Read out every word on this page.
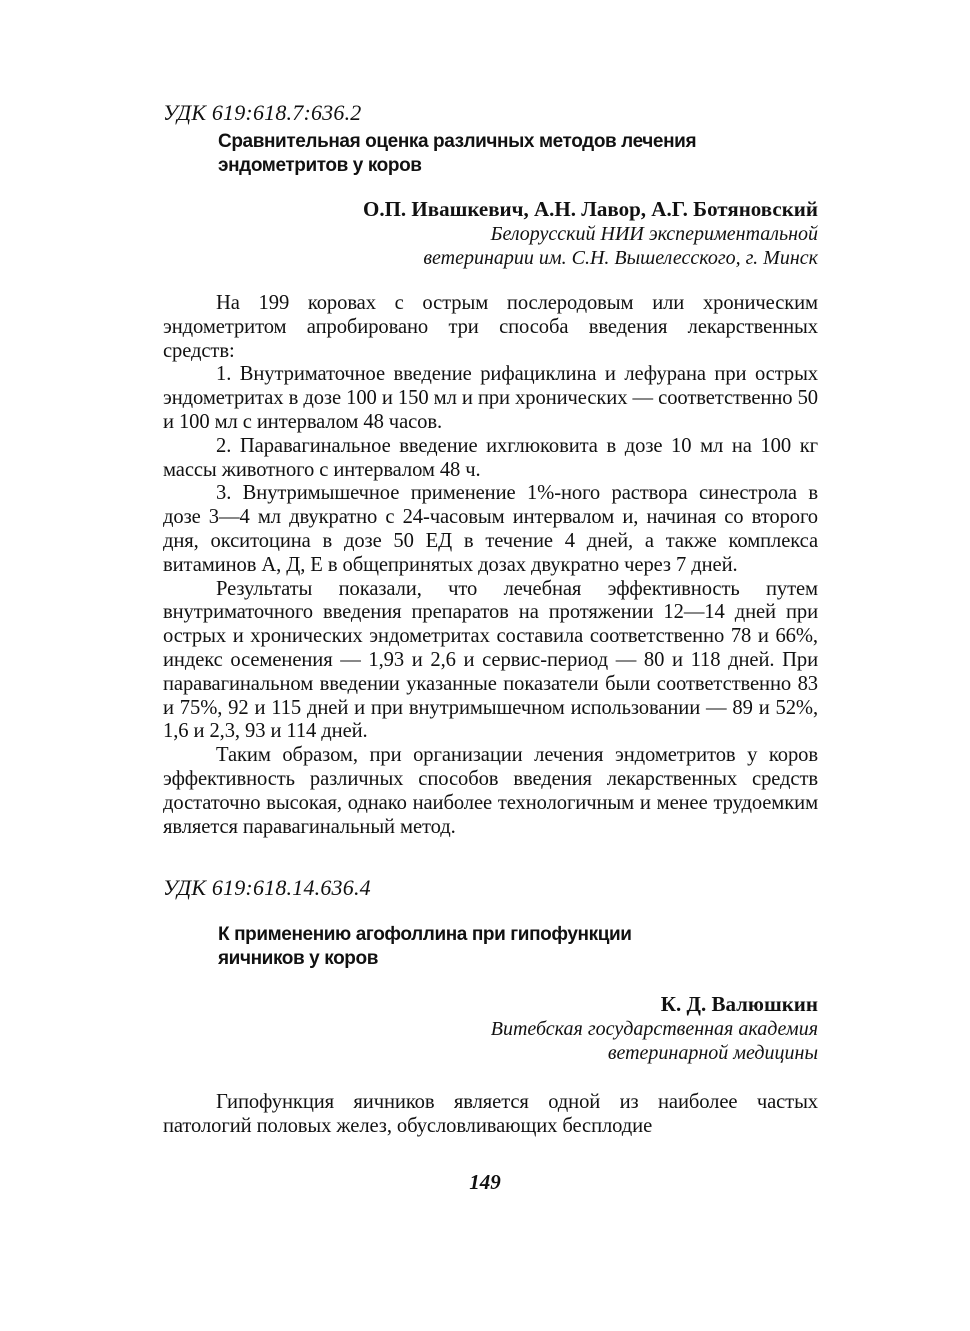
УДК 619:618.7:636.2

Сравнительная оценка различных методов лечения
эндометритов у коров

О.П. Ивашкевич, А.Н. Лавор, А.Г. Ботяновский

Белорусский НИИ экспериментальной

ветеринарии им. С.Н. Вышелесского, г. Минск

На 199 коровах с острым послеродовым или хроническим эндометритом апробировано три способа введения лекарственных средств:

1. Внутриматочное введение рифациклина и лефурана при острых эндометритах в дозе 100 и 150 мл и при хронических — соответственно 50 и 100 мл с интервалом 48 часов.

2. Паравагинальное введение ихглюковита в дозе 10 мл на 100 кг массы животного с интервалом 48 ч.

3. Внутримышечное применение 1%-ного раствора синестрола в дозе 3—4 мл двукратно с 24-часовым интервалом и, начиная со второго дня, окситоцина в дозе 50 ЕД в течение 4 дней, а также комплекса витаминов А, Д, Е в общепринятых дозах двукратно через 7 дней.

Результаты показали, что лечебная эффективность путем внутриматочного введения препаратов на протяжении 12—14 дней при острых и хронических эндометритах составила соответственно 78 и 66%, индекс осеменения — 1,93 и 2,6 и сервис-период — 80 и 118 дней. При паравагинальном введении указанные показатели были соответственно 83 и 75%, 92 и 115 дней и при внутримышечном использовании — 89 и 52%, 1,6 и 2,3, 93 и 114 дней.

Таким образом, при организации лечения эндометритов у коров эффективность различных способов введения лекарственных средств достаточно высокая, однако наиболее технологичным и менее трудоемким является паравагинальный метод.

УДК 619:618.14.636.4

К применению агофоллина при гипофункции
яичников у коров

К. Д. Валюшкин

Витебская государственная академия

ветеринарной медицины

Гипофункция яичников является одной из наиболее частых патологий половых желез, обусловливающих бесплодие

149
